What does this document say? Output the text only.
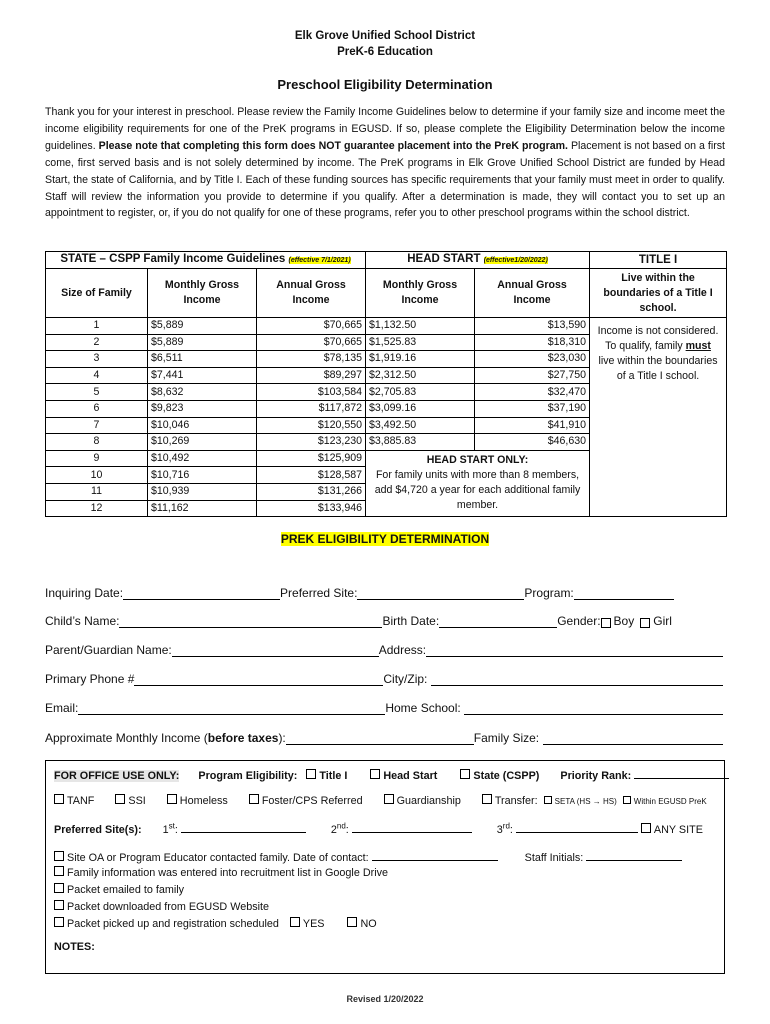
Elk Grove Unified School District
PreK-6 Education
Preschool Eligibility Determination
Thank you for your interest in preschool. Please review the Family Income Guidelines below to determine if your family size and income meet the income eligibility requirements for one of the PreK programs in EGUSD. If so, please complete the Eligibility Determination below the income guidelines. Please note that completing this form does NOT guarantee placement into the PreK program. Placement is not based on a first come, first served basis and is not solely determined by income. The PreK programs in Elk Grove Unified School District are funded by Head Start, the state of California, and by Title I. Each of these funding sources has specific requirements that your family must meet in order to qualify. Staff will review the information you provide to determine if you qualify. After a determination is made, they will contact you to set up an appointment to register, or, if you do not qualify for one of these programs, refer you to other preschool programs within the school district.
STATE – CSPP Family Income Guidelines (effective 7/1/2021)			HEAD START (effective1/20/2022)		TITLE I
Size of Family	Monthly Gross Income	Annual Gross Income	Monthly Gross Income	Annual Gross Income	Live within the boundaries of a Title I school.
1	$5,889	$70,665	$1,132.50	$13,590	Income is not considered. To qualify, family must live within the boundaries of a Title I school.

2	$5,889	$70,665	$1,525.83	$18,310	
3	$6,511	$78,135	$1,919.16	$23,030	
4	$7,441	$89,297	$2,312.50	$27,750	
5	$8,632	$103,584	$2,705.83	$32,470	
6	$9,823	$117,872	$3,099.16	$37,190	
7	$10,046	$120,550	$3,492.50	$41,910	
8	$10,269	$123,230	$3,885.83	$46,630	
9	$10,492	$125,909	HEAD START ONLY:
For family units with more than 8 members, add $4,720 a year for each additional family member.		
10	$10,716	$128,587			
11	$10,939	$131,266			
12	$11,162	$133,946			
PREK ELIGIBILITY DETERMINATION
Inquiring Date:	Preferred Site:	Program:
Child’s Name:	Birth Date:	Gender: Boy Girl
Parent/Guardian Name:	Address:
Primary Phone #	City/Zip:
Email:	Home School:
Approximate Monthly Income ( before taxes ):	Family Size:
FOR OFFICE USE ONLY: Program Eligibility: Title I	Head Start	State (CSPP) Priority Rank:
TANF	SSI	Homeless	Foster/CPS Referred	Guardianship	Transfer: SETA (HS → HS) Within EGUSD PreK
Preferred Site(s): 1st:	2nd:	3rd:	ANY SITE
Site OA or Program Educator contacted family. Date of contact:	Staff Initials:
Family information was entered into recruitment list in Google Drive
Packet emailed to family
Packet downloaded from EGUSD Website
Packet picked up and registration scheduled YES	NO
NOTES:
Revised 1/20/2022
